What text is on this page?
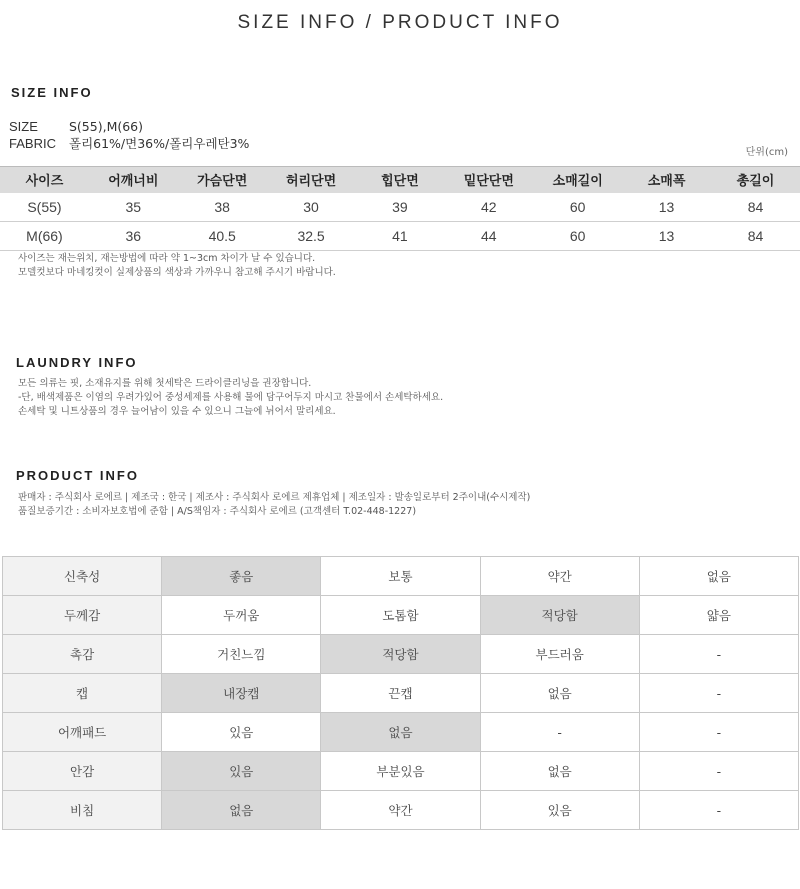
SIZE INFO / PRODUCT INFO
SIZE INFO
SIZE S(55),M(66)
FABRIC 폴리61%/면36%/폴리우레탄3%
단위(cm)
사이즈	어깨너비	가슴단면	허리단면	힙단면	밑단단면	소매길이	소매폭	총길이
S(55)	35	38	30	39	42	60	13	84
M(66)	36	40.5	32.5	41	44	60	13	84
사이즈는 재는위치, 재는방법에 따라 약 1~3cm 차이가 날 수 있습니다.
모델컷보다 마네킹컷이 실제상품의 색상과 가까우니 참고해 주시기 바랍니다.
LAUNDRY INFO
모든 의류는 핏, 소재유지를 위해 첫세탁은 드라이클리닝을 권장합니다.
-단, 배색제품은 이염의 우려가있어 중성세제를 사용해 물에 담구어두지 마시고 찬물에서 손세탁하세요.
손세탁 및 니트상품의 경우 늘어남이 있을 수 있으니 그늘에 뉘어서 말리세요.
PRODUCT INFO
판매자 : 주식회사 로에르 | 제조국 : 한국 | 제조사 : 주식회사 로에르 제휴업체 | 제조일자 : 발송일로부터 2주이내(수시제작)
품질보증기간 : 소비자보호법에 준함 | A/S책임자 : 주식회사 로에르 (고객센터 T.02-448-1227)
신축성	좋음	보통	약간	없음
두께감	두꺼움	도톰함	적당함	얇음
촉감	거친느낌	적당함	부드러움	-
캡	내장캡	끈캡	없음	-
어깨패드	있음	없음	-	-
안감	있음	부분있음	없음	-
비침	없음	약간	있음	-
